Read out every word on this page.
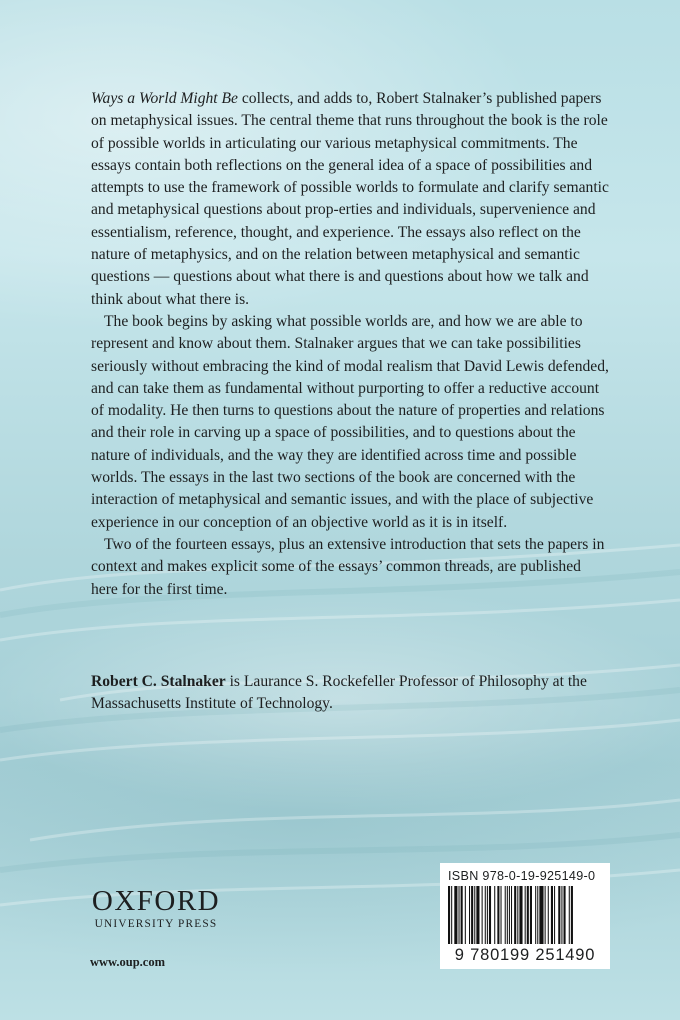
Ways a World Might Be collects, and adds to, Robert Stalnaker’s published papers on metaphysical issues. The central theme that runs throughout the book is the role of possible worlds in articulating our various metaphysical commitments. The essays contain both reflections on the general idea of a space of possibilities and attempts to use the framework of possible worlds to formulate and clarify semantic and metaphysical questions about prop-erties and individuals, supervenience and essentialism, reference, thought, and experience. The essays also reflect on the nature of metaphysics, and on the relation between metaphysical and semantic questions — questions about what there is and questions about how we talk and think about what there is.

The book begins by asking what possible worlds are, and how we are able to represent and know about them. Stalnaker argues that we can take possibilities seriously without embracing the kind of modal realism that David Lewis defended, and can take them as fundamental without purporting to offer a reductive account of modality. He then turns to questions about the nature of properties and relations and their role in carving up a space of possibilities, and to questions about the nature of individuals, and the way they are identified across time and possible worlds. The essays in the last two sections of the book are concerned with the interaction of metaphysical and semantic issues, and with the place of subjective experience in our conception of an objective world as it is in itself.

Two of the fourteen essays, plus an extensive introduction that sets the papers in context and makes explicit some of the essays’ common threads, are published here for the first time.

Robert C. Stalnaker is Laurance S. Rockefeller Professor of Philosophy at the Massachusetts Institute of Technology.

OXFORD
UNIVERSITY PRESS
www.oup.com
ISBN 978-0-19-925149-0
9 780199 251490
